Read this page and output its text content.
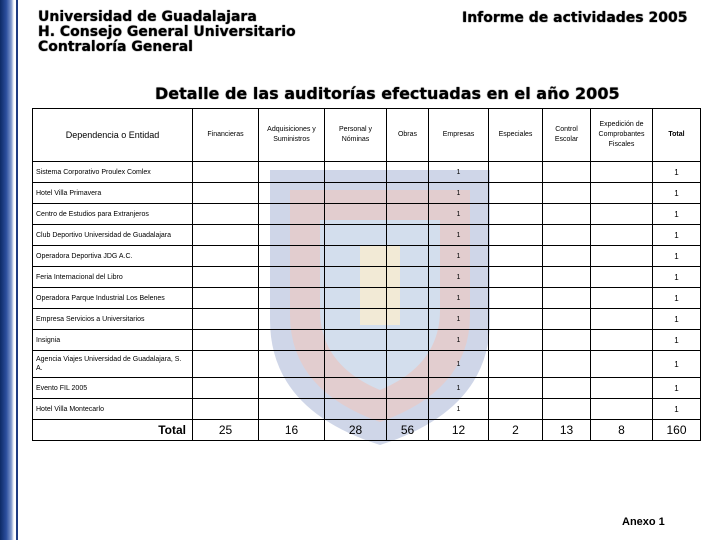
Universidad de Guadalajara
H. Consejo General Universitario
Contraloría General
Informe de actividades 2005
Detalle de las auditorías efectuadas en el año 2005
Dependencia o Entidad	Financieras	Adquisiciones y Suministros	Personal y Nóminas	Obras	Empresas	Especiales	Control Escolar	Expedición de Comprobantes Fiscales	Total
Sistema Corporativo Proulex Comlex					1				1
Hotel Villa Primavera					1				1
Centro de Estudios para Extranjeros					1				1
Club Deportivo Universidad de Guadalajara					1				1
Operadora Deportiva JDG A.C.					1				1
Feria Internacional del Libro					1				1
Operadora Parque Industrial Los Belenes					1				1
Empresa Servicios a Universitarios					1				1
Insignia					1				1
Agencia Viajes Universidad de Guadalajara, S. A.					1				1
Evento FIL 2005					1				1
Hotel Villa Montecarlo					1				1
Total	25	16	28	56	12	2	13	8	160
Anexo 1
